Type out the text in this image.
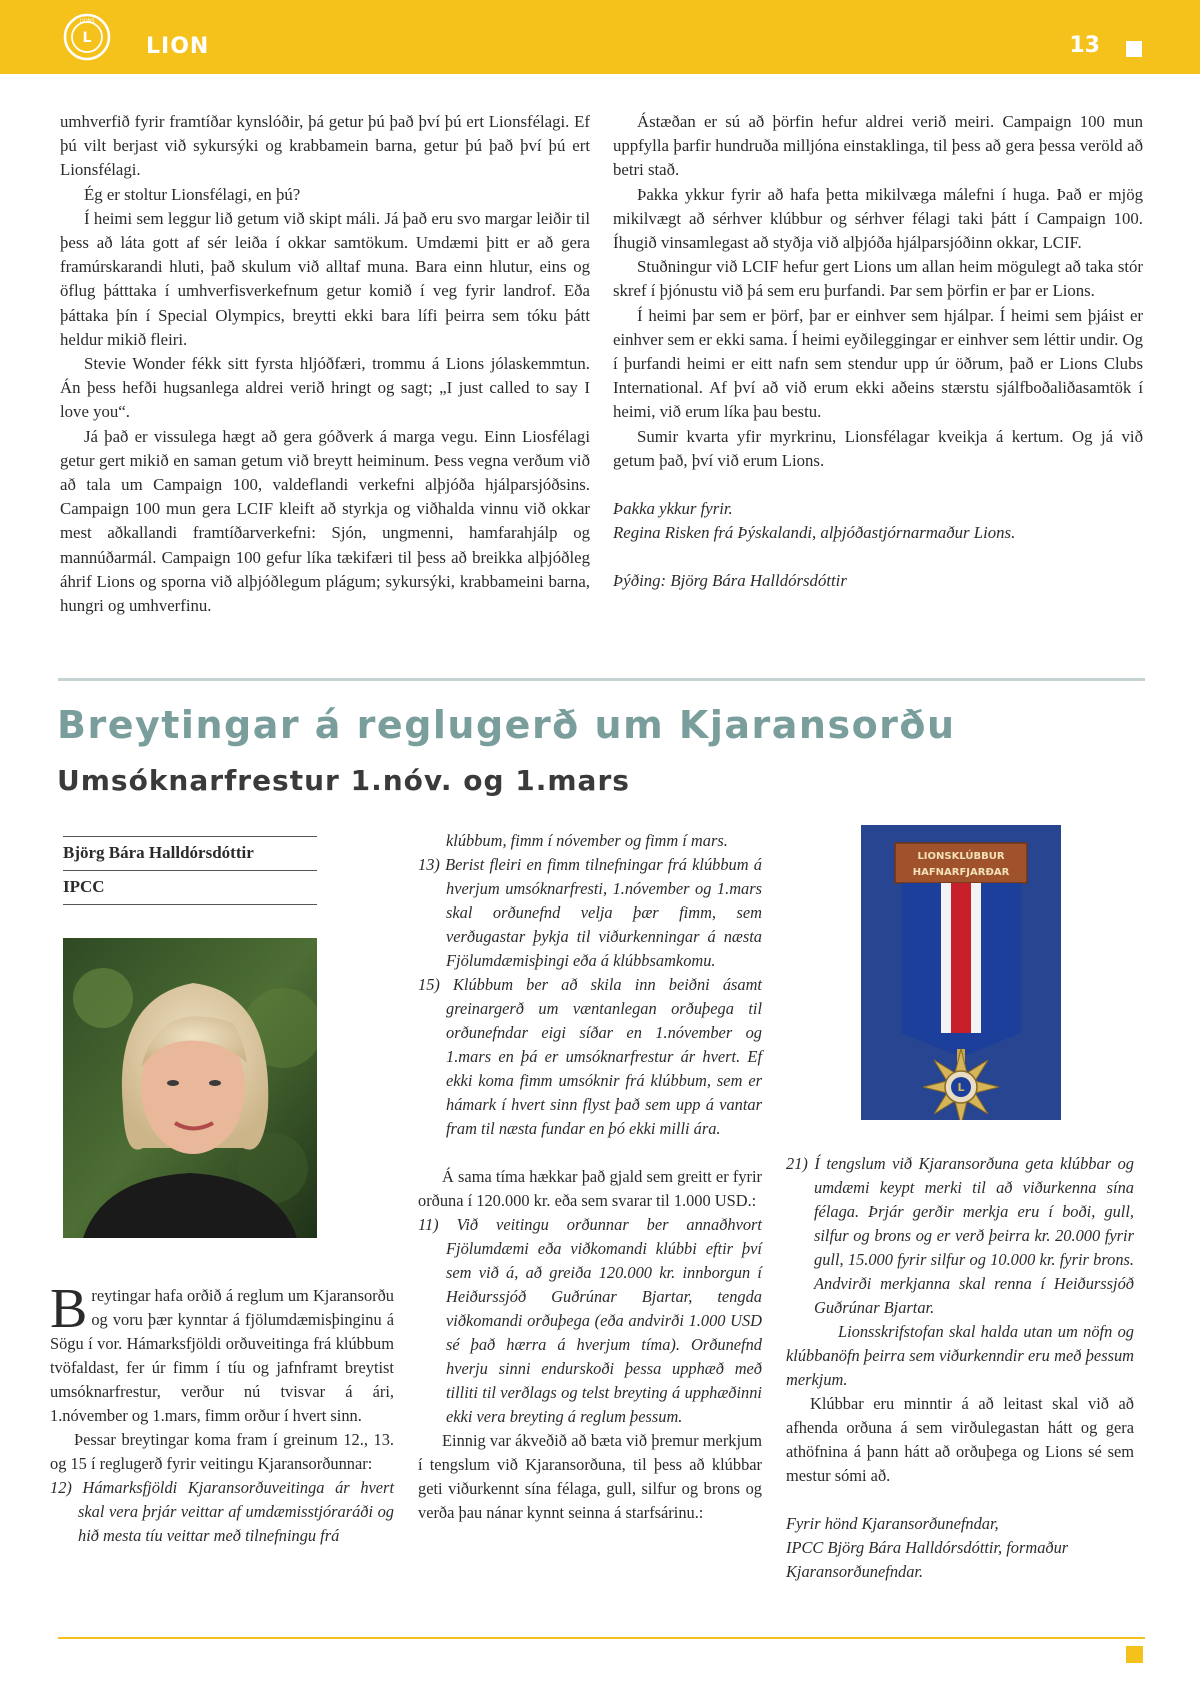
L
LIONS
LION	13

umhverfið fyrir framtíðar kynslóðir, þá getur þú það því þú ert Lionsfélagi. Ef þú vilt berjast við sykursýki og krabbamein barna, getur þú það því þú ert Lionsfélagi.

Ég er stoltur Lionsfélagi, en þú?

Í heimi sem leggur lið getum við skipt máli. Já það eru svo margar leiðir til þess að láta gott af sér leiða í okkar samtökum. Umdæmi þitt er að gera framúrskarandi hluti, það skulum við alltaf muna. Bara einn hlutur, eins og öflug þátttaka í umhverfisverkefnum getur komið í veg fyrir landrof. Eða þáttaka þín í Special Olympics, breytti ekki bara lífi þeirra sem tóku þátt heldur mikið fleiri.

Stevie Wonder fékk sitt fyrsta hljóðfæri, trommu á Lions jólaskemmtun. Án þess hefði hugsanlega aldrei verið hringt og sagt; „I just called to say I love you“.

Já það er vissulega hægt að gera góðverk á marga vegu. Einn Liosfélagi getur gert mikið en saman getum við breytt heiminum. Þess vegna verðum við að tala um Campaign 100, valdeflandi verkefni alþjóða hjálparsjóðsins. Campaign 100 mun gera LCIF kleift að styrkja og viðhalda vinnu við okkar mest aðkallandi framtíðarverkefni: Sjón, ungmenni, hamfarahjálp og mannúðarmál. Campaign 100 gefur líka tækifæri til þess að breikka alþjóðleg áhrif Lions og sporna við alþjóðlegum plágum; sykursýki, krabbameini barna, hungri og umhverfinu.

Ástæðan er sú að þörfin hefur aldrei verið meiri. Campaign 100 mun uppfylla þarfir hundruða milljóna einstaklinga, til þess að gera þessa veröld að betri stað.

Þakka ykkur fyrir að hafa þetta mikilvæga málefni í huga. Það er mjög mikilvægt að sérhver klúbbur og sérhver félagi taki þátt í Campaign 100. Íhugið vinsamlegast að styðja við alþjóða hjálparsjóðinn okkar, LCIF.

Stuðningur við LCIF hefur gert Lions um allan heim mögulegt að taka stór skref í þjónustu við þá sem eru þurfandi. Þar sem þörfin er þar er Lions.

Í heimi þar sem er þörf, þar er einhver sem hjálpar. Í heimi sem þjáist er einhver sem er ekki sama. Í heimi eyðileggingar er einhver sem léttir undir. Og í þurfandi heimi er eitt nafn sem stendur upp úr öðrum, það er Lions Clubs International. Af því að við erum ekki aðeins stærstu sjálfboðaliðasamtök í heimi, við erum líka þau bestu.

Sumir kvarta yfir myrkrinu, Lionsfélagar kveikja á kertum. Og já við getum það, því við erum Lions.

Þakka ykkur fyrir.

Regina Risken frá Þýskalandi, alþjóðastjórnarmaður Lions.

Þýðing: Björg Bára Halldórsdóttir

Breytingar á reglugerð um Kjaransorðu
Umsóknarfrestur 1.nóv. og 1.mars
Björg Bára Halldórsdóttir
IPCC

Breytingar hafa orðið á reglum um Kjaransorðu og voru þær kynntar á fjölumdæmisþinginu á Sögu í vor. Hámarksfjöldi orðuveitinga frá klúbbum tvöfaldast, fer úr fimm í tíu og jafnframt breytist umsóknarfrestur, verður nú tvisvar á ári, 1.nóvember og 1.mars, fimm orður í hvert sinn.

Þessar breytingar koma fram í greinum 12., 13. og 15 í reglugerð fyrir veitingu Kjaransorðunnar:

12) Hámarksfjöldi Kjaransorðuveitinga ár hvert skal vera þrjár veittar af umdæmisstjóraráði og hið mesta tíu veittar með tilnefningu frá

klúbbum, fimm í nóvember og fimm í mars.

13) Berist fleiri en fimm tilnefningar frá klúbbum á hverjum umsóknarfresti, 1.nóvember og 1.mars skal orðunefnd velja þær fimm, sem verðugastar þykja til viðurkenningar á næsta Fjölumdæmisþingi eða á klúbbsamkomu.

15) Klúbbum ber að skila inn beiðni ásamt greinargerð um væntanlegan orðuþega til orðunefndar eigi síðar en 1.nóvember og 1.mars en þá er umsóknarfrestur ár hvert. Ef ekki koma fimm umsóknir frá klúbbum, sem er hámark í hvert sinn flyst það sem upp á vantar fram til næsta fundar en þó ekki milli ára.

Á sama tíma hækkar það gjald sem greitt er fyrir orðuna í 120.000 kr. eða sem svarar til 1.000 USD.:

11) Við veitingu orðunnar ber annaðhvort Fjölumdæmi eða viðkomandi klúbbi eftir því sem við á, að greiða 120.000 kr. innborgun í Heiðurssjóð Guðrúnar Bjartar, tengda viðkomandi orðuþega (eða andvirði 1.000 USD sé það hærra á hverjum tíma). Orðunefnd hverju sinni endurskoði þessa upphæð með tilliti til verðlags og telst breyting á upphæðinni ekki vera breyting á reglum þessum.

Einnig var ákveðið að bæta við þremur merkjum í tengslum við Kjaransorðuna, til þess að klúbbar geti viðurkennt sína félaga, gull, silfur og brons og verða þau nánar kynnt seinna á starfsárinu.:

LIONSKLÚBBUR
HAFNARFJARÐAR
L

21) Í tengslum við Kjaransorðuna geta klúbbar og umdæmi keypt merki til að viðurkenna sína félaga. Þrjár gerðir merkja eru í boði, gull, silfur og brons og er verð þeirra kr. 20.000 fyrir gull, 15.000 fyrir silfur og 10.000 kr. fyrir brons. Andvirði merkjanna skal renna í Heiðurssjóð Guðrúnar Bjartar.

Lionsskrifstofan skal halda utan um nöfn og klúbbanöfn þeirra sem viðurkenndir eru með þessum merkjum.

Klúbbar eru minntir á að leitast skal við að afhenda orðuna á sem virðulegastan hátt og gera athöfnina á þann hátt að orðuþega og Lions sé sem mestur sómi að.

Fyrir hönd Kjaransorðunefndar,

IPCC Björg Bára Halldórsdóttir, formaður Kjaransorðunefndar.
